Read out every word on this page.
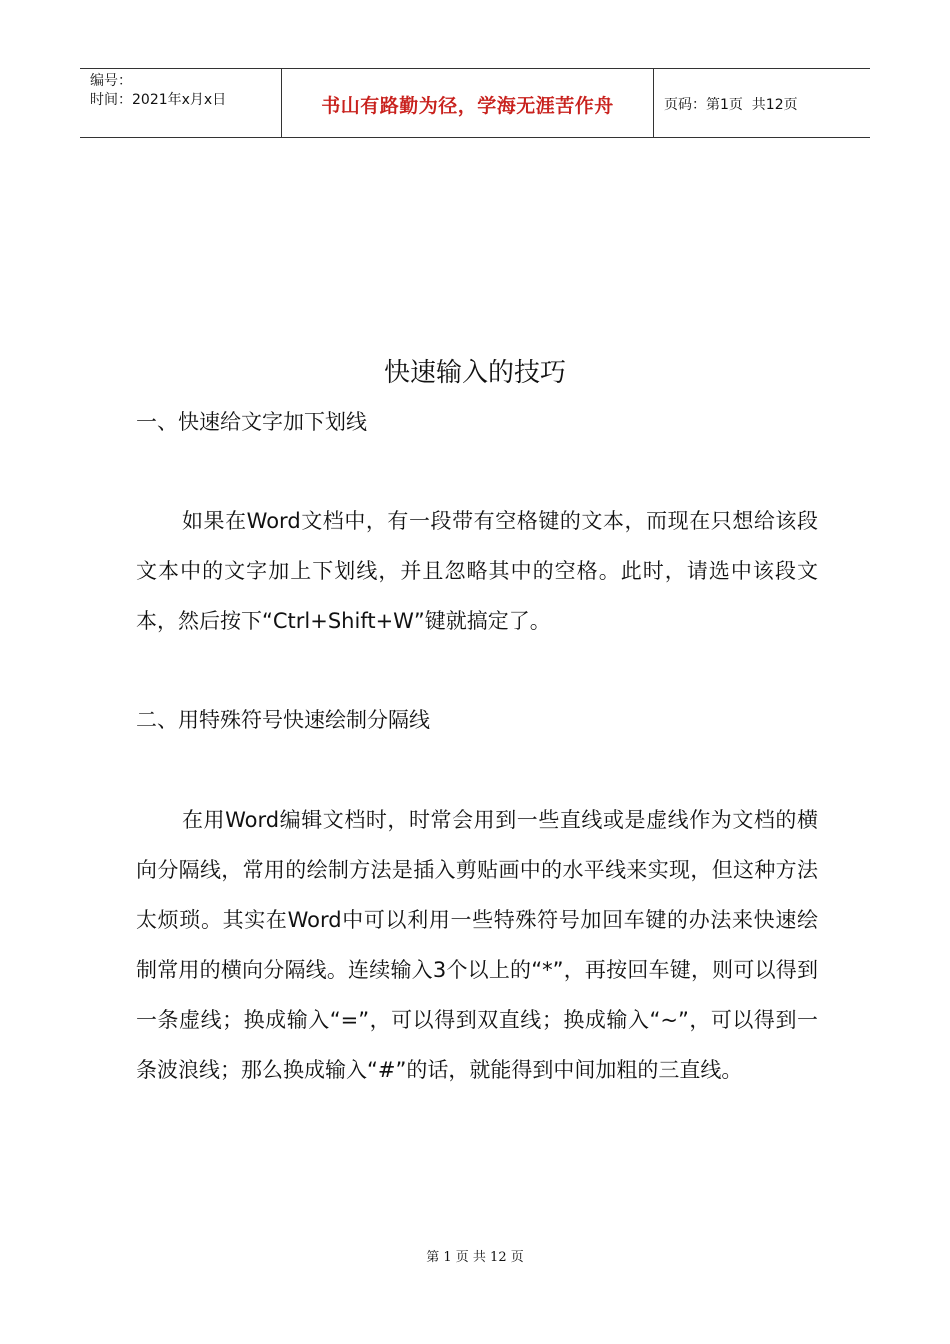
编号：
时间：2021年x月x日	书山有路勤为径，学海无涯苦作舟	页码：第1页  共12页
快速输入的技巧
一、快速给文字加下划线

如果在Word文档中，有一段带有空格键的文本，而现在只想给该段文本中的文字加上下划线，并且忽略其中的空格。此时，请选中该段文本，然后按下“Ctrl+Shift+W”键就搞定了。

二、用特殊符号快速绘制分隔线

在用Word编辑文档时，时常会用到一些直线或是虚线作为文档的横向分隔线，常用的绘制方法是插入剪贴画中的水平线来实现，但这种方法太烦琐。其实在Word中可以利用一些特殊符号加回车键的办法来快速绘制常用的横向分隔线。连续输入3个以上的“*”，再按回车键，则可以得到一条虚线；换成输入“=”，可以得到双直线；换成输入“~”，可以得到一条波浪线；那么换成输入“#”的话，就能得到中间加粗的三直线。

第 1 页 共 12 页
